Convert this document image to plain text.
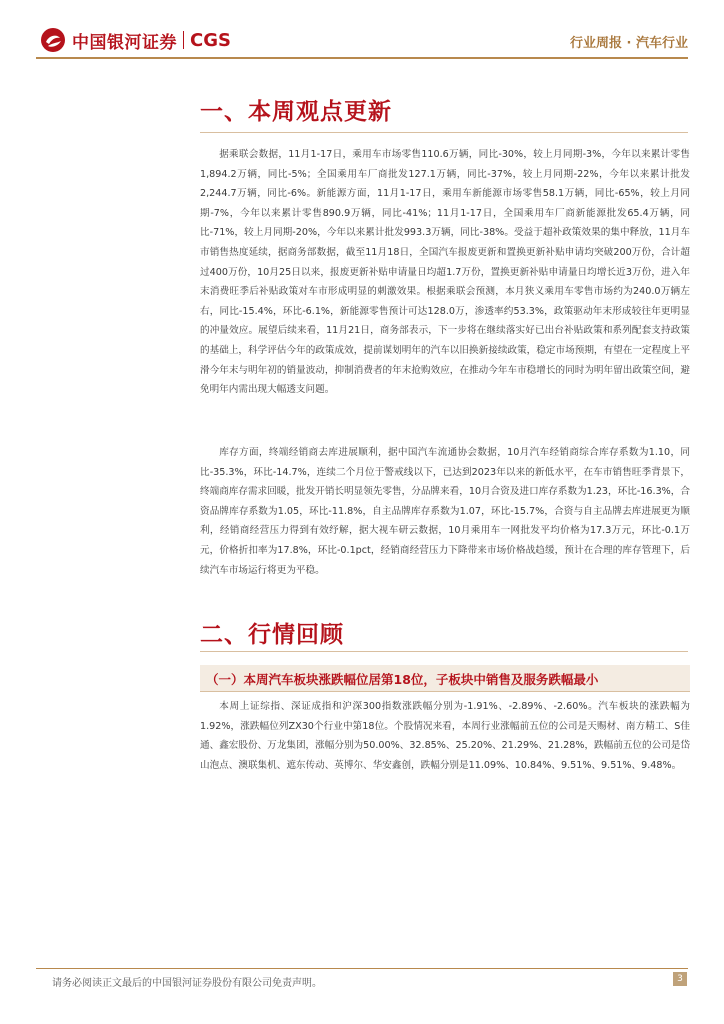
中国银河证券 CGS	行业周报 · 汽车行业
一、本周观点更新

据乘联会数据，11月1-17日，乘用车市场零售110.6万辆，同比-30%，较上月同期-3%，今年以来累计零售1,894.2万辆，同比-5%；全国乘用车厂商批发127.1万辆，同比-37%，较上月同期-22%，今年以来累计批发2,244.7万辆，同比-6%。新能源方面，11月1-17日，乘用车新能源市场零售58.1万辆，同比-65%，较上月同期-7%，今年以来累计零售890.9万辆，同比-41%；11月1-17日，全国乘用车厂商新能源批发65.4万辆，同比-71%，较上月同期-20%，今年以来累计批发993.3万辆，同比-38%。受益于超补政策效果的集中释放，11月车市销售热度延续，据商务部数据，截至11月18日，全国汽车报废更新和置换更新补贴申请均突破200万份，合计超过400万份，10月25日以来，报废更新补贴申请量日均超1.7万份，置换更新补贴申请量日均增长近3万份，进入年末消费旺季后补贴政策对车市形成明显的刺激效果。根据乘联会预测，本月狭义乘用车零售市场约为240.0万辆左右，同比-15.4%，环比-6.1%，新能源零售预计可达128.0万，渗透率约53.3%，政策驱动年末形成较往年更明显的冲量效应。展望后续来看，11月21日，商务部表示，下一步将在继续落实好已出台补贴政策和系列配套支持政策的基础上，科学评估今年的政策成效，提前谋划明年的汽车以旧换新接续政策，稳定市场预期，有望在一定程度上平滑今年末与明年初的销量波动，抑制消费者的年末抢购效应，在推动今年车市稳增长的同时为明年留出政策空间，避免明年内需出现大幅透支问题。

库存方面，终端经销商去库进展顺利，据中国汽车流通协会数据，10月汽车经销商综合库存系数为1.10，同比-35.3%，环比-14.7%，连续二个月位于警戒线以下，已达到2023年以来的新低水平，在车市销售旺季背景下，终端商库存需求回暖，批发开销长明显领先零售，分品牌来看，10月合资及进口库存系数为1.23，环比-16.3%，合资品牌库存系数为1.05，环比-11.8%，自主品牌库存系数为1.07，环比-15.7%，合资与自主品牌去库进展更为顺利，经销商经营压力得到有效纾解，据大视车研云数据，10月乘用车一网批发平均价格为17.3万元，环比-0.1万元，价格折扣率为17.8%，环比-0.1pct，经销商经营压力下降带来市场价格战趋缓，预计在合理的库存管理下，后续汽车市场运行将更为平稳。

二、行情回顾
（一）本周汽车板块涨跌幅位居第18位，子板块中销售及服务跌幅最小

本周上证综指、深证成指和沪深300指数涨跌幅分别为-1.91%、-2.89%、-2.60%。汽车板块的涨跌幅为1.92%，涨跌幅位列ZX30个行业中第18位。个股情况来看，本周行业涨幅前五位的公司是天赐材、南方精工、S佳通、鑫宏股份、万龙集团，涨幅分别为50.00%、32.85%、25.20%、21.29%、21.28%，跌幅前五位的公司是岱山泡点、澳联集机、遮东传动、英博尔、华安鑫创，跌幅分别是11.09%、10.84%、9.51%、9.51%、9.48%。

请务必阅读正文最后的中国银河证券股份有限公司免责声明。	3
